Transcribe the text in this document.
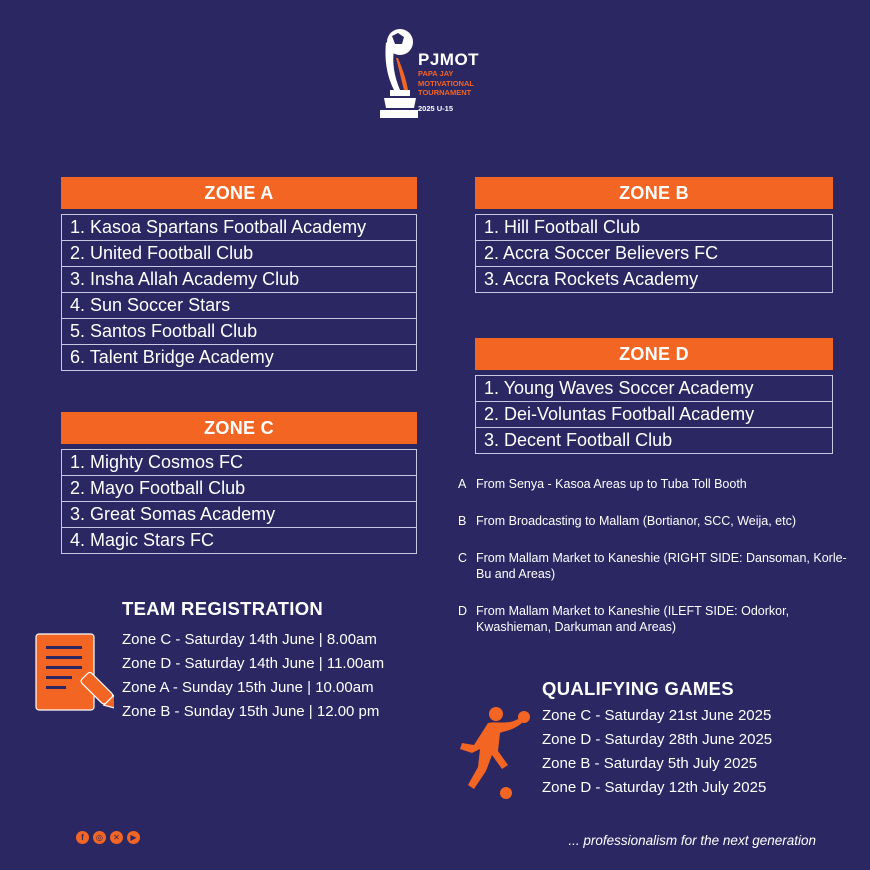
PJMOT
PAPA JAY
MOTIVATIONAL
TOURNAMENT
2025 U-15
ZONE A
1. Kasoa Spartans Football Academy
2. United Football Club
3. Insha Allah Academy Club
4. Sun Soccer Stars
5. Santos Football Club
6. Talent Bridge Academy
ZONE B
1. Hill Football Club
2. Accra Soccer Believers FC
3. Accra Rockets Academy
ZONE C
1. Mighty Cosmos FC
2. Mayo Football Club
3. Great Somas Academy
4. Magic Stars FC
ZONE D
1. Young Waves Soccer Academy
2. Dei-Voluntas Football Academy
3. Decent Football Club
A From Senya - Kasoa Areas up to Tuba Toll Booth
B From Broadcasting to Mallam (Bortianor, SCC, Weija, etc)
C From Mallam Market to Kaneshie (RIGHT SIDE: Dansoman, Korle-Bu and Areas)
D From Mallam Market to Kaneshie (ILEFT SIDE: Odorkor, Kwashieman, Darkuman and Areas)
TEAM REGISTRATION
Zone C - Saturday 14th June | 8.00am
Zone D - Saturday 14th June | 11.00am
Zone A - Sunday 15th June | 10.00am
Zone B - Sunday 15th June | 12.00 pm
QUALIFYING GAMES
Zone C - Saturday 21st June 2025
Zone D - Saturday 28th June 2025
Zone B - Saturday 5th July 2025
Zone D - Saturday 12th July 2025
f	◎	✕	▶	... professionalism for the next generation
